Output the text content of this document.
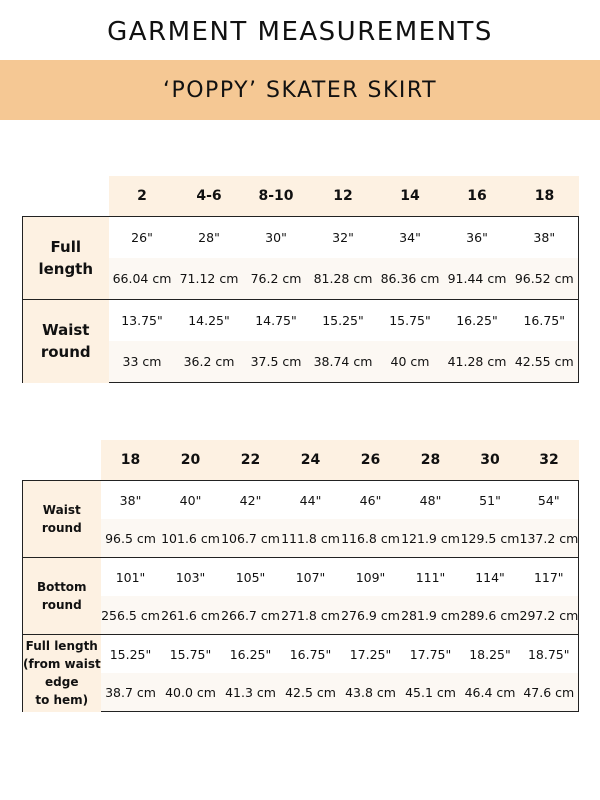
GARMENT MEASUREMENTS
‘POPPY’ SKATER SKIRT
	2	4-6	8-10	12	14	16	18
Full
length	26"	28"	30"	32"	34"	36"	38"
	66.04 cm	71.12 cm	76.2 cm	81.28 cm	86.36 cm	91.44 cm	96.52 cm
Waist
round	13.75"	14.25"	14.75"	15.25"	15.75"	16.25"	16.75"
	33 cm	36.2 cm	37.5 cm	38.74 cm	40 cm	41.28 cm	42.55 cm
	18	20	22	24	26	28	30	32
Waist
round	38"	40"	42"	44"	46"	48"	51"	54"
	96.5 cm	101.6 cm	106.7 cm	111.8 cm	116.8 cm	121.9 cm	129.5 cm	137.2 cm
Bottom
round	101"	103"	105"	107"	109"	111"	114"	117"
	256.5 cm	261.6 cm	266.7 cm	271.8 cm	276.9 cm	281.9 cm	289.6 cm	297.2 cm
Full length
(from waist
edge
to hem)	15.25"	15.75"	16.25"	16.75"	17.25"	17.75"	18.25"	18.75"
	38.7 cm	40.0 cm	41.3 cm	42.5 cm	43.8 cm	45.1 cm	46.4 cm	47.6 cm
